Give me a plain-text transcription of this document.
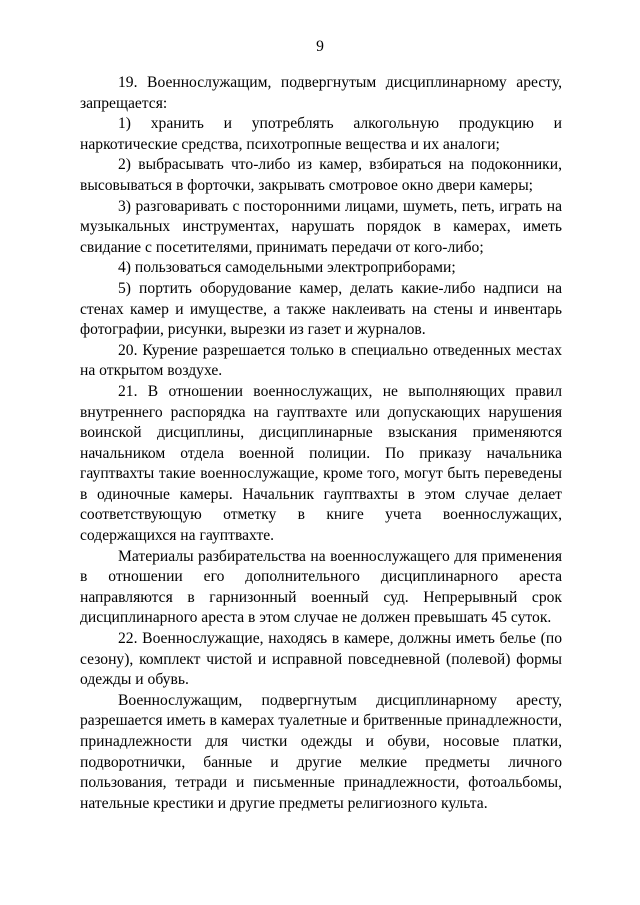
9

19. Военнослужащим, подвергнутым дисциплинарному аресту, запрещается:

1) хранить и употреблять алкогольную продукцию и наркотические средства, психотропные вещества и их аналоги;

2) выбрасывать что-либо из камер, взбираться на подоконники, высовываться в форточки, закрывать смотровое окно двери камеры;

3) разговаривать с посторонними лицами, шуметь, петь, играть на музыкальных инструментах, нарушать порядок в камерах, иметь свидание с посетителями, принимать передачи от кого-либо;

4) пользоваться самодельными электроприборами;

5) портить оборудование камер, делать какие-либо надписи на стенах камер и имуществе, а также наклеивать на стены и инвентарь фотографии, рисунки, вырезки из газет и журналов.

20. Курение разрешается только в специально отведенных местах на открытом воздухе.

21. В отношении военнослужащих, не выполняющих правил внутреннего распорядка на гауптвахте или допускающих нарушения воинской дисциплины, дисциплинарные взыскания применяются начальником отдела военной полиции. По приказу начальника гауптвахты такие военнослужащие, кроме того, могут быть переведены в одиночные камеры. Начальник гауптвахты в этом случае делает соответствующую отметку в книге учета военнослужащих, содержащихся на гауптвахте.

Материалы разбирательства на военнослужащего для применения в отношении его дополнительного дисциплинарного ареста направляются в гарнизонный военный суд. Непрерывный срок дисциплинарного ареста в этом случае не должен превышать 45 суток.

22. Военнослужащие, находясь в камере, должны иметь белье (по сезону), комплект чистой и исправной повседневной (полевой) формы одежды и обувь.

Военнослужащим, подвергнутым дисциплинарному аресту, разрешается иметь в камерах туалетные и бритвенные принадлежности, принадлежности для чистки одежды и обуви, носовые платки, подворотнички, банные и другие мелкие предметы личного пользования, тетради и письменные принадлежности, фотоальбомы, нательные крестики и другие предметы религиозного культа.
